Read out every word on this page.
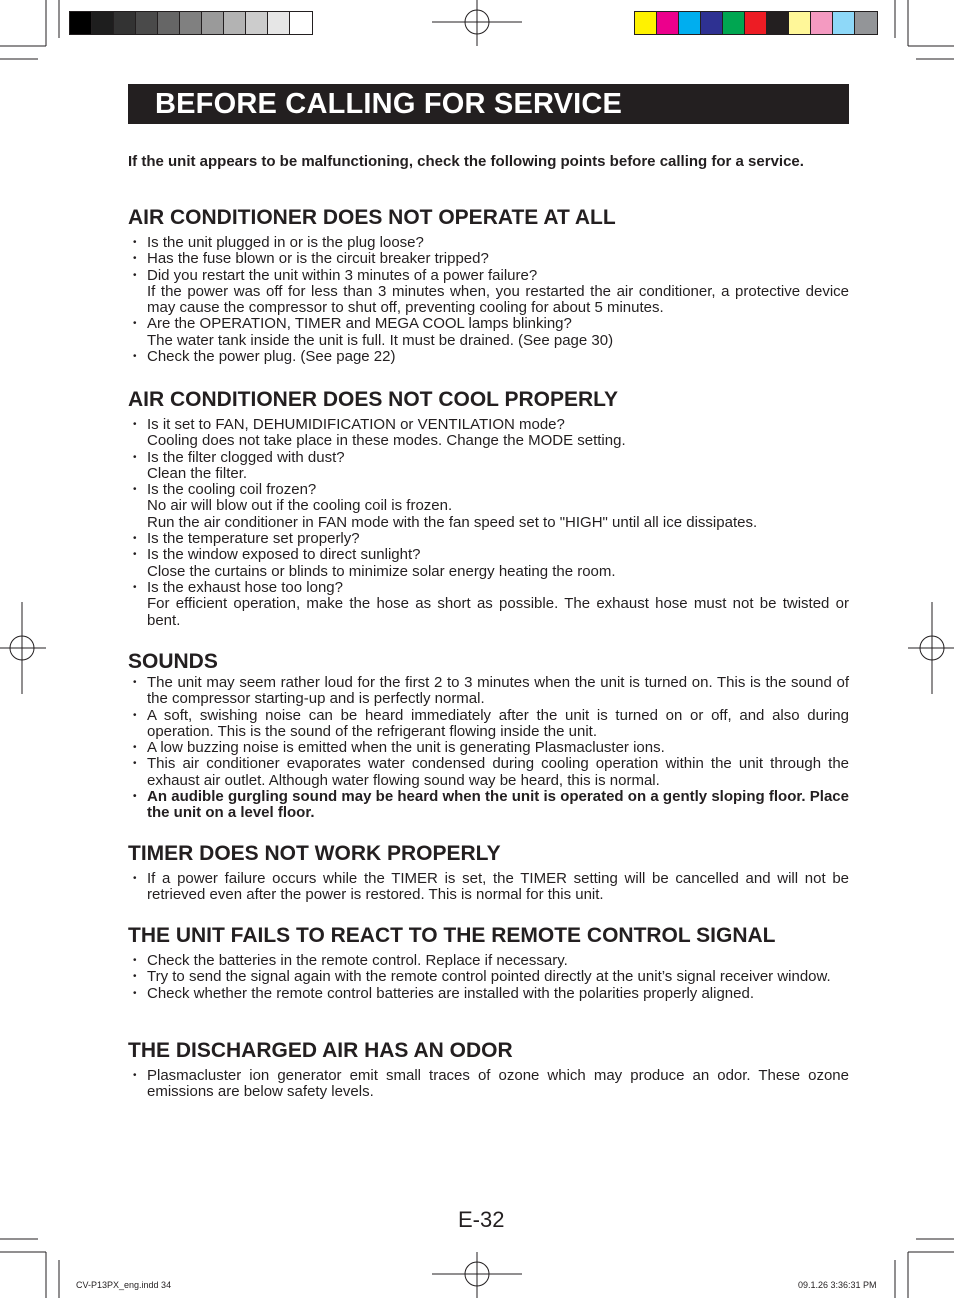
BEFORE CALLING FOR SERVICE

If the unit appears to be malfunctioning, check the following points before calling for a service.

AIR CONDITIONER DOES NOT OPERATE AT ALL
• Is the unit plugged in or is the plug loose?
• Has the fuse blown or is the circuit breaker tripped?
• Did you restart the unit within 3 minutes of a power failure?
If the power was off for less than 3 minutes when, you restarted the air conditioner, a protective device may cause the compressor to shut off, preventing cooling for about 5 minutes.
• Are the OPERATION, TIMER and MEGA COOL lamps blinking?
The water tank inside the unit is full. It must be drained. (See page 30)
• Check the power plug. (See page 22)
AIR CONDITIONER DOES NOT COOL PROPERLY
• Is it set to FAN, DEHUMIDIFICATION or VENTILATION mode?
Cooling does not take place in these modes. Change the MODE setting.
• Is the filter clogged with dust?
Clean the filter.
• Is the cooling coil frozen?
No air will blow out if the cooling coil is frozen.
Run the air conditioner in FAN mode with the fan speed set to "HIGH" until all ice dissipates.
• Is the temperature set properly?
• Is the window exposed to direct sunlight?
Close the curtains or blinds to minimize solar energy heating the room.
• Is the exhaust hose too long?
For efficient operation, make the hose as short as possible. The exhaust hose must not be twisted or bent.
SOUNDS
• The unit may seem rather loud for the first 2 to 3 minutes when the unit is turned on. This is the sound of the compressor starting-up and is perfectly normal.
• A soft, swishing noise can be heard immediately after the unit is turned on or off, and also during operation. This is the sound of the refrigerant flowing inside the unit.
• A low buzzing noise is emitted when the unit is generating Plasmacluster ions.
• This air conditioner evaporates water condensed during cooling operation within the unit through the exhaust air outlet. Although water flowing sound way be heard, this is normal.
• An audible gurgling sound may be heard when the unit is operated on a gently sloping floor. Place the unit on a level floor.
TIMER DOES NOT WORK PROPERLY
• If a power failure occurs while the TIMER is set, the TIMER setting will be cancelled and will not be retrieved even after the power is restored. This is normal for this unit.
THE UNIT FAILS TO REACT TO THE REMOTE CONTROL SIGNAL
• Check the batteries in the remote control. Replace if necessary.
• Try to send the signal again with the remote control pointed directly at the unit’s signal receiver window.
• Check whether the remote control batteries are installed with the polarities properly aligned.
THE DISCHARGED AIR HAS AN ODOR
• Plasmacluster ion generator emit small traces of ozone which may produce an odor. These ozone emissions are below safety levels.
E-32
CV-P13PX_eng.indd 34	09.1.26 3:36:31 PM
